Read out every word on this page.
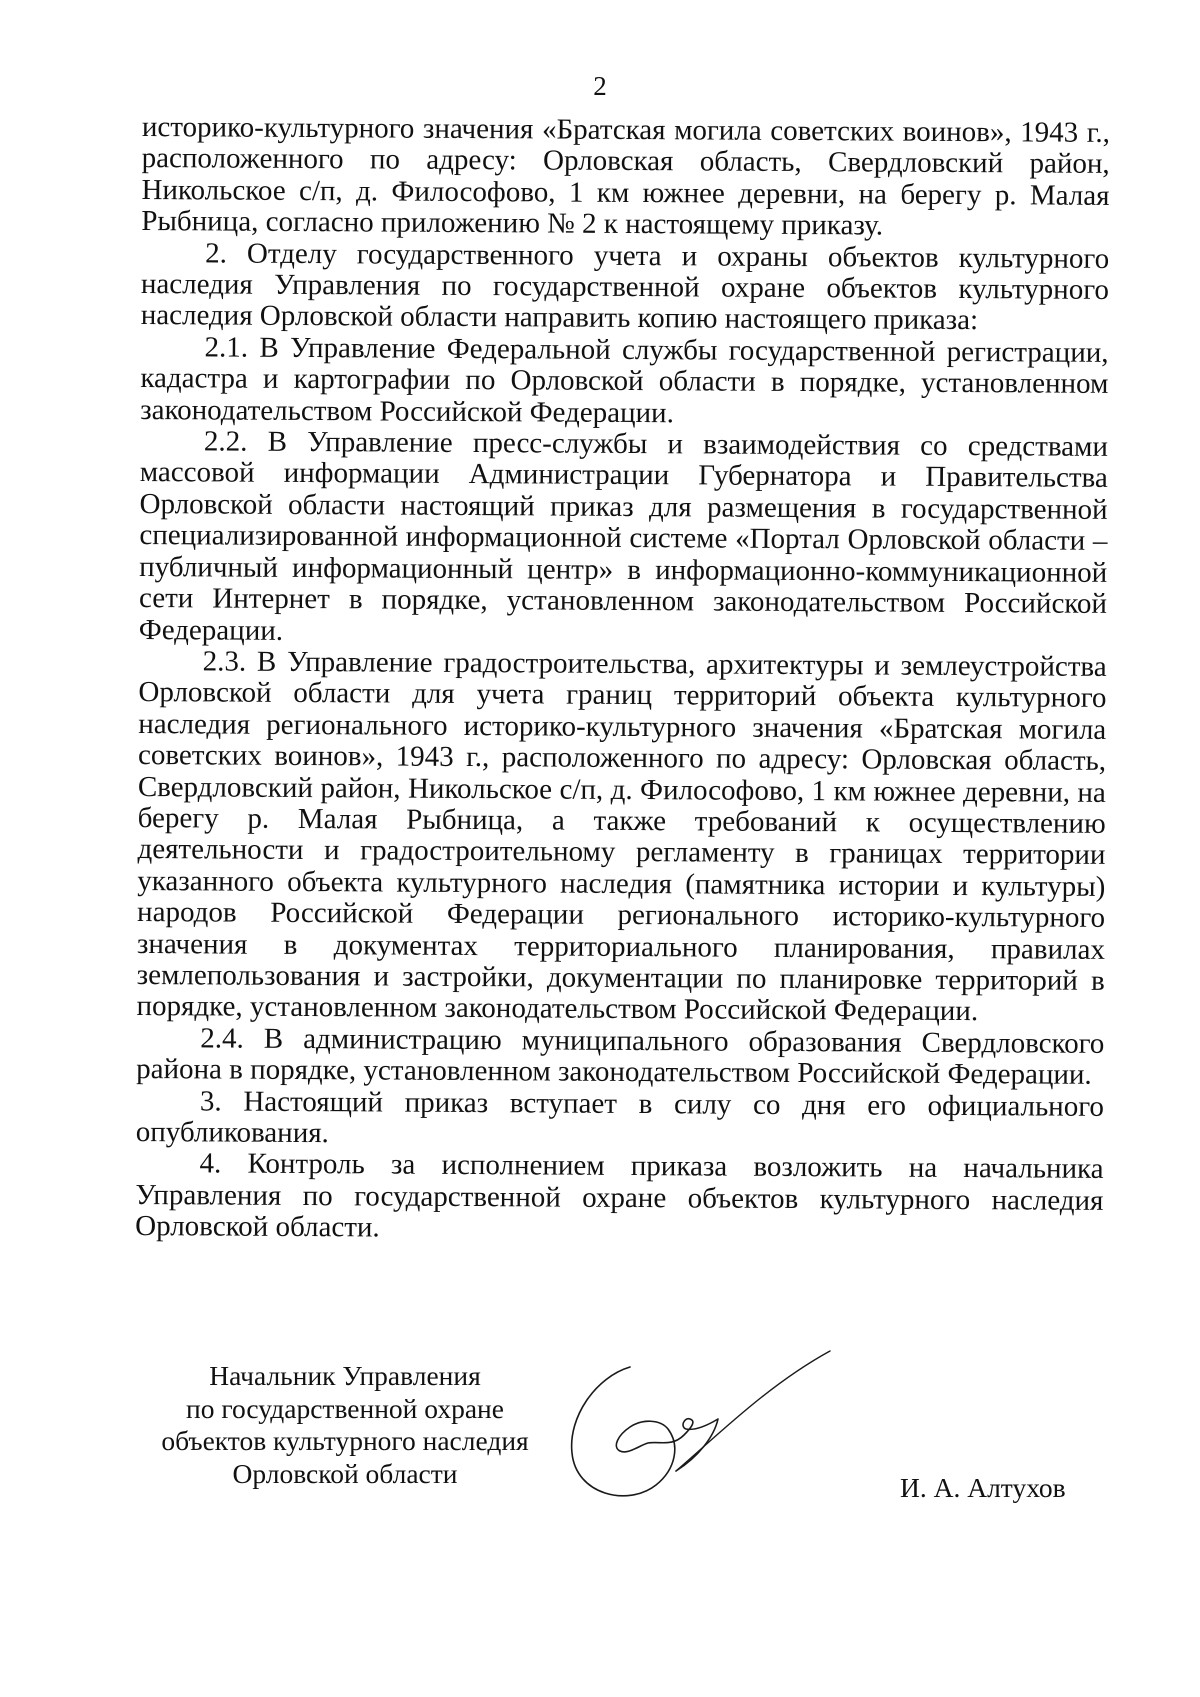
2

историко-культурного значения «Братская могила советских воинов», 1943 г., расположенного по адресу: Орловская область, Свердловский район, Никольское с/п, д. Философово, 1 км южнее деревни, на берегу р. Малая Рыбница, согласно приложению № 2 к настоящему приказу.

2. Отделу государственного учета и охраны объектов культурного наследия Управления по государственной охране объектов культурного наследия Орловской области направить копию настоящего приказа:

2.1. В Управление Федеральной службы государственной регистрации, кадастра и картографии по Орловской области в порядке, установленном законодательством Российской Федерации.

2.2. В Управление пресс-службы и взаимодействия со средствами массовой информации Администрации Губернатора и Правительства Орловской области настоящий приказ для размещения в государственной специализированной информационной системе «Портал Орловской области – публичный информационный центр» в информационно-коммуникационной сети Интернет в порядке, установленном законодательством Российской Федерации.

2.3. В Управление градостроительства, архитектуры и землеустройства Орловской области для учета границ территорий объекта культурного наследия регионального историко-культурного значения «Братская могила советских воинов», 1943 г., расположенного по адресу: Орловская область, Свердловский район, Никольское с/п, д. Философово, 1 км южнее деревни, на берегу р. Малая Рыбница, а также требований к осуществлению деятельности и градостроительному регламенту в границах территории указанного объекта культурного наследия (памятника истории и культуры) народов Российской Федерации регионального историко-культурного значения в документах территориального планирования, правилах землепользования и застройки, документации по планировке территорий в порядке, установленном законодательством Российской Федерации.

2.4. В администрацию муниципального образования Свердловского района в порядке, установленном законодательством Российской Федерации.

3. Настоящий приказ вступает в силу со дня его официального опубликования.

4. Контроль за исполнением приказа возложить на начальника Управления по государственной охране объектов культурного наследия Орловской области.

Начальник Управления
по государственной охране
объектов культурного наследия
Орловской области	И. А. Алтухов
